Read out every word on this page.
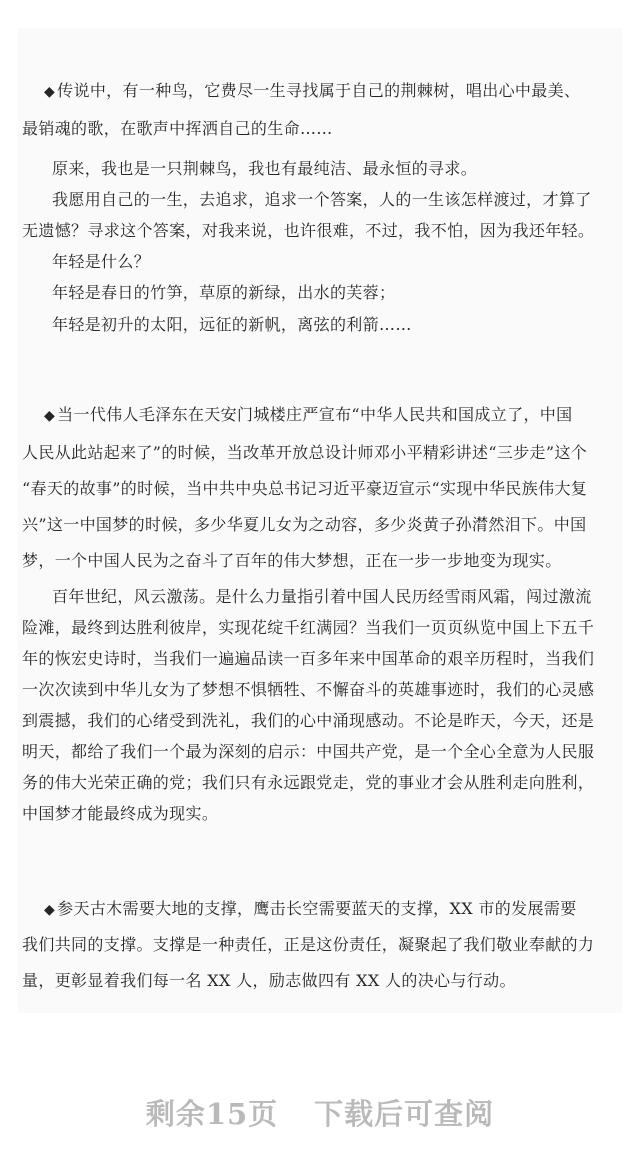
◆ 传说中，有一种鸟，它费尽一生寻找属于自己的荆棘树，唱出心中最美、
最销魂的歌，在歌声中挥洒自己的生命……
原来，我也是一只荆棘鸟，我也有最纯洁、最永恒的寻求。
我愿用自己的一生，去追求，追求一个答案，人的一生该怎样渡过，才算了
无遗憾？寻求这个答案，对我来说，也许很难，不过，我不怕，因为我还年轻。
年轻是什么？
年轻是春日的竹笋，草原的新绿，出水的芙蓉；
年轻是初升的太阳，远征的新帆，离弦的利箭……
◆ 当一代伟人毛泽东在天安门城楼庄严宣布“中华人民共和国成立了，中国
人民从此站起来了”的时候，当改革开放总设计师邓小平精彩讲述“三步走”这个
“春天的故事”的时候，当中共中央总书记习近平豪迈宣示“实现中华民族伟大复
兴”这一中国梦的时候，多少华夏儿女为之动容，多少炎黄子孙潸然泪下。中国
梦，一个中国人民为之奋斗了百年的伟大梦想，正在一步一步地变为现实。
百年世纪，风云激荡。是什么力量指引着中国人民历经雪雨风霜，闯过激流
险滩，最终到达胜利彼岸，实现花绽千红满园？当我们一页页纵览中国上下五千
年的恢宏史诗时，当我们一遍遍品读一百多年来中国革命的艰辛历程时，当我们
一次次读到中华儿女为了梦想不惧牺牲、不懈奋斗的英雄事迹时，我们的心灵感
到震撼，我们的心绪受到洗礼，我们的心中涌现感动。不论是昨天，今天，还是
明天，都给了我们一个最为深刻的启示：中国共产党，是一个全心全意为人民服
务的伟大光荣正确的党；我们只有永远跟党走，党的事业才会从胜利走向胜利，
中国梦才能最终成为现实。
◆ 参天古木需要大地的支撑，鹰击长空需要蓝天的支撑，XX 市的发展需要
我们共同的支撑。支撑是一种责任，正是这份责任，凝聚起了我们敬业奉献的力
量，更彰显着我们每一名 XX 人，励志做四有 XX 人的决心与行动。
剩余15页 下载后可查阅
